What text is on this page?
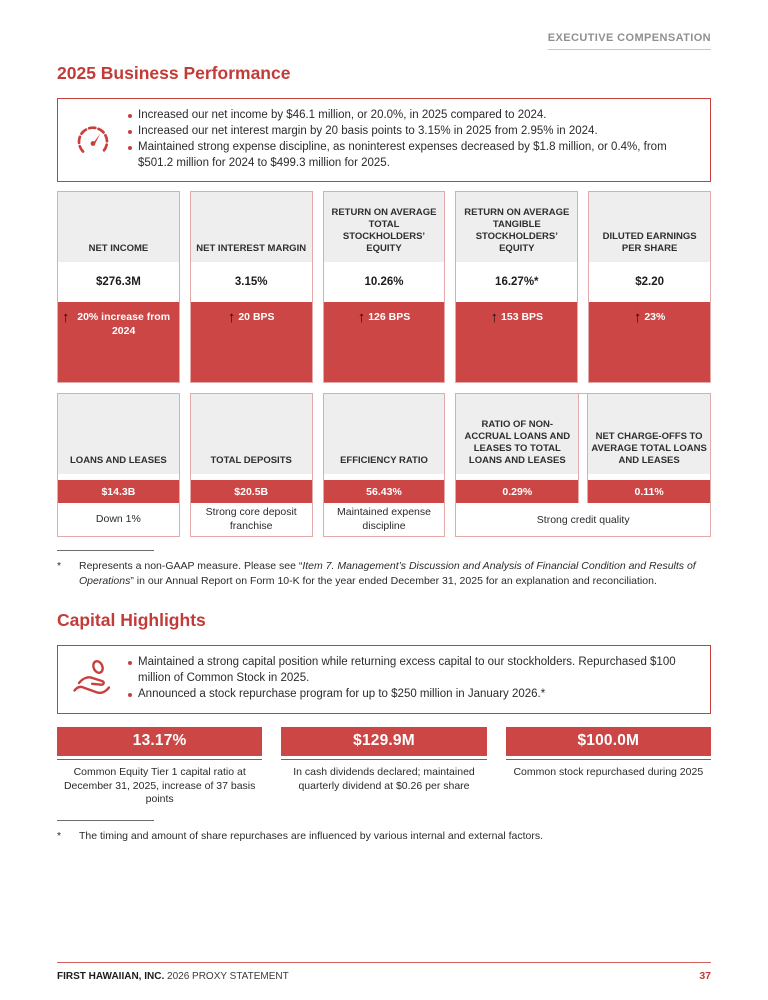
EXECUTIVE COMPENSATION
2025 Business Performance
Increased our net income by $46.1 million, or 20.0%, in 2025 compared to 2024.
Increased our net interest margin by 20 basis points to 3.15% in 2025 from 2.95% in 2024.
Maintained strong expense discipline, as noninterest expenses decreased by $1.8 million, or 0.4%, from $501.2 million for 2024 to $499.3 million for 2025.
NET INCOME
$276.3M
↑ 20% increase from 2024
NET INTEREST MARGIN
3.15%
↑ 20 BPS
RETURN ON AVERAGE TOTAL STOCKHOLDERS’ EQUITY
10.26%
↑ 126 BPS
RETURN ON AVERAGE TANGIBLE STOCKHOLDERS’ EQUITY
16.27%*
↑ 153 BPS
DILUTED EARNINGS PER SHARE
$2.20
↑ 23%
LOANS AND LEASES
$14.3B
Down 1%
TOTAL DEPOSITS
$20.5B
Strong core deposit franchise
EFFICIENCY RATIO
56.43%
Maintained expense discipline
RATIO OF NON-ACCRUAL LOANS AND LEASES TO TOTAL LOANS AND LEASES
0.29%
NET CHARGE-OFFS TO AVERAGE TOTAL LOANS AND LEASES
0.11%
Strong credit quality
*	Represents a non-GAAP measure. Please see “Item 7. Management’s Discussion and Analysis of Financial Condition and Results of Operations” in our Annual Report on Form 10-K for the year ended December 31, 2025 for an explanation and reconciliation.
Capital Highlights
Maintained a strong capital position while returning excess capital to our stockholders. Repurchased $100 million of Common Stock in 2025.
Announced a stock repurchase program for up to $250 million in January 2026.*
13.17%
Common Equity Tier 1 capital ratio at December 31, 2025, increase of 37 basis points
$129.9M
In cash dividends declared; maintained quarterly dividend at $0.26 per share
$100.0M
Common stock repurchased during 2025
*	The timing and amount of share repurchases are influenced by various internal and external factors.
FIRST HAWAIIAN, INC. 2026 PROXY STATEMENT	37
